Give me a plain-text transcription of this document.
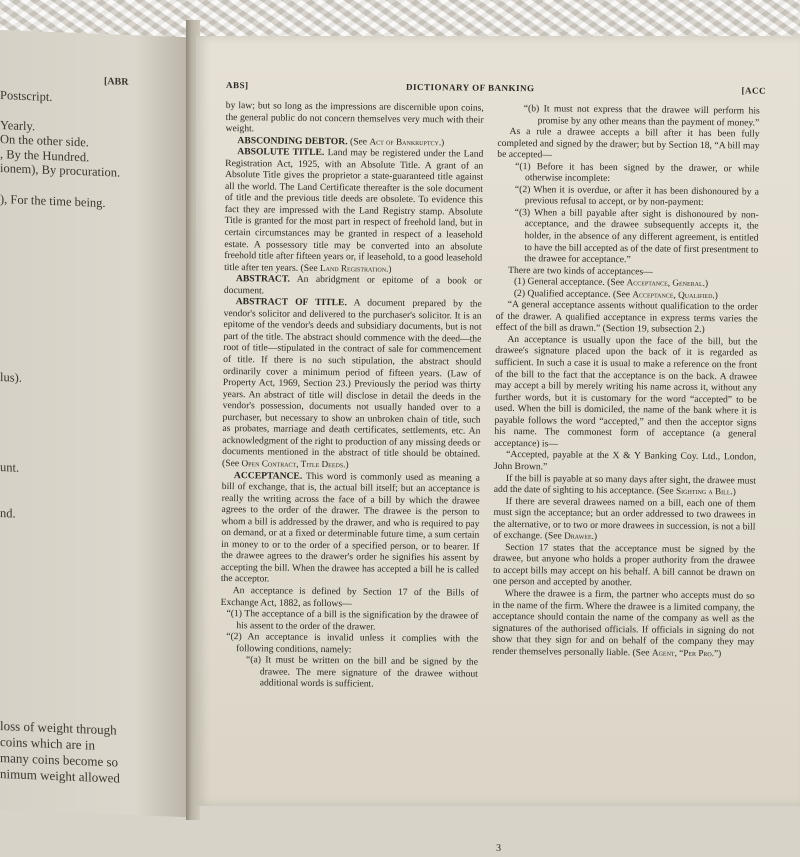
[ABR
Postscript.
Yearly.
On the other side.
, By the Hundred.
ionem), By procuration.
), For the time being.
lus).
unt.
nd.
loss of weight through
coins which are in
many coins become so
nimum weight allowed
ABS]	DICTIONARY OF BANKING	[ACC

by law; but so long as the impressions are discernible upon coins, the general public do not concern themselves very much with their weight.

ABSCONDING DEBTOR. (See Act of Bankruptcy.)

ABSOLUTE TITLE. Land may be registered under the Land Registration Act, 1925, with an Absolute Title. A grant of an Absolute Title gives the proprietor a state-guaranteed title against all the world. The Land Certificate thereafter is the sole document of title and the previous title deeds are obsolete. To evidence this fact they are impressed with the Land Registry stamp. Absolute Title is granted for the most part in respect of freehold land, but in certain circumstances may be granted in respect of a leasehold estate. A possessory title may be converted into an absolute freehold title after fifteen years or, if leasehold, to a good leasehold title after ten years. (See Land Registration.)

ABSTRACT. An abridgment or epitome of a book or document.

ABSTRACT OF TITLE. A document prepared by the vendor's solicitor and delivered to the purchaser's solicitor. It is an epitome of the vendor's deeds and subsidiary documents, but is not part of the title. The abstract should commence with the deed—the root of title—stipulated in the contract of sale for commencement of title. If there is no such stipulation, the abstract should ordinarily cover a minimum period of fifteen years. (Law of Property Act, 1969, Section 23.) Previously the period was thirty years. An abstract of title will disclose in detail the deeds in the vendor's possession, documents not usually handed over to a purchaser, but necessary to show an unbroken chain of title, such as probates, marriage and death certificates, settlements, etc. An acknowledgment of the right to production of any missing deeds or documents mentioned in the abstract of title should be obtained. (See Open Contract, Title Deeds.)

ACCEPTANCE. This word is commonly used as meaning a bill of exchange, that is, the actual bill itself; but an acceptance is really the writing across the face of a bill by which the drawee agrees to the order of the drawer. The drawee is the person to whom a bill is addressed by the drawer, and who is required to pay on demand, or at a fixed or determinable future time, a sum certain in money to or to the order of a specified person, or to bearer. If the drawee agrees to the drawer's order he signifies his assent by accepting the bill. When the drawee has accepted a bill he is called the acceptor.

An acceptance is defined by Section 17 of the Bills of Exchange Act, 1882, as follows—

“(1) The acceptance of a bill is the signification by the drawee of his assent to the order of the drawer.

“(2) An acceptance is invalid unless it complies with the following conditions, namely:

“(a) It must be written on the bill and be signed by the drawee. The mere signature of the drawee without additional words is sufficient.

“(b) It must not express that the drawee will perform his promise by any other means than the payment of money.”

As a rule a drawee accepts a bill after it has been fully completed and signed by the drawer; but by Section 18, “A bill may be accepted—

“(1) Before it has been signed by the drawer, or while otherwise incomplete:

“(2) When it is overdue, or after it has been dishonoured by a previous refusal to accept, or by non-payment:

“(3) When a bill payable after sight is dishonoured by non-acceptance, and the drawee subsequently accepts it, the holder, in the absence of any different agreement, is entitled to have the bill accepted as of the date of first presentment to the drawee for acceptance.”

There are two kinds of acceptances—

(1) General acceptance. (See Acceptance, General.)

(2) Qualified acceptance. (See Acceptance, Qualified.)

“A general acceptance assents without qualification to the order of the drawer. A qualified acceptance in express terms varies the effect of the bill as drawn.” (Section 19, subsection 2.)

An acceptance is usually upon the face of the bill, but the drawee's signature placed upon the back of it is regarded as sufficient. In such a case it is usual to make a reference on the front of the bill to the fact that the acceptance is on the back. A drawee may accept a bill by merely writing his name across it, without any further words, but it is customary for the word “accepted” to be used. When the bill is domiciled, the name of the bank where it is payable follows the word “accepted,” and then the acceptor signs his name. The commonest form of acceptance (a general acceptance) is—

“Accepted, payable at the X & Y Banking Coy. Ltd., London, John Brown.”

If the bill is payable at so many days after sight, the drawee must add the date of sighting to his acceptance. (See Sighting a Bill.)

If there are several drawees named on a bill, each one of them must sign the acceptance; but an order addressed to two drawees in the alternative, or to two or more drawees in succession, is not a bill of exchange. (See Drawee.)

Section 17 states that the acceptance must be signed by the drawee, but anyone who holds a proper authority from the drawee to accept bills may accept on his behalf. A bill cannot be drawn on one person and accepted by another.

Where the drawee is a firm, the partner who accepts must do so in the name of the firm. Where the drawee is a limited company, the acceptance should contain the name of the company as well as the signatures of the authorised officials. If officials in signing do not show that they sign for and on behalf of the company they may render themselves personally liable. (See Agent, “Per Pro.”)

3
